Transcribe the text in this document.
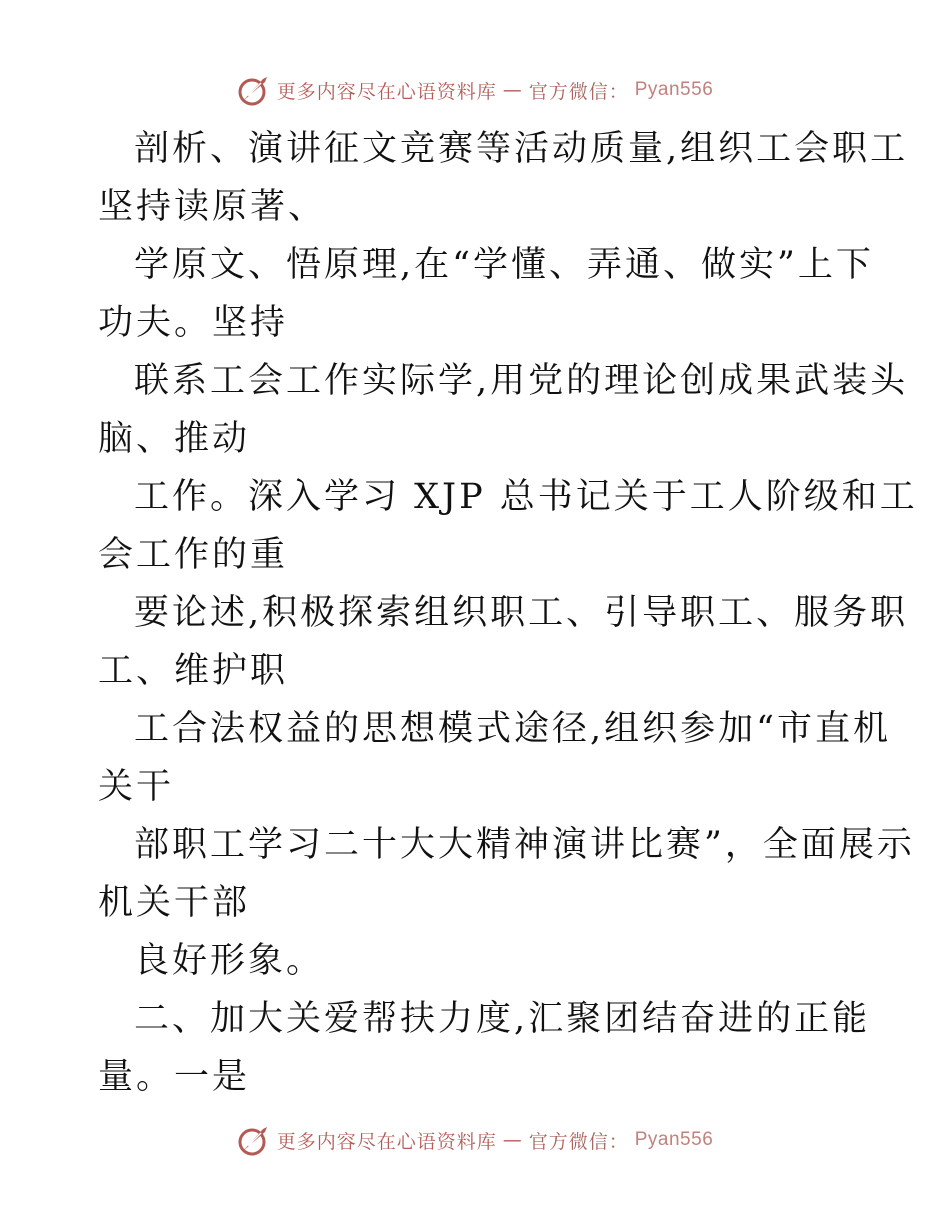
更多内容尽在心语资料库 — 官方微信： Pyan556

剖析、演讲征文竞赛等活动质量,组织工会职工
坚持读原著、

学原文、悟原理,在“学懂、弄通、做实”上下
功夫。坚持

联系工会工作实际学,用党的理论创成果武装头
脑、推动

工作。深入学习 XJP 总书记关于工人阶级和工
会工作的重

要论述,积极探索组织职工、引导职工、服务职
工、维护职

工合法权益的思想模式途径,组织参加“市直机
关干

部职工学习二十大大精神演讲比赛”，全面展示
机关干部

良好形象。

二、加大关爱帮扶力度,汇聚团结奋进的正能
量。一是

更多内容尽在心语资料库 — 官方微信： Pyan556
